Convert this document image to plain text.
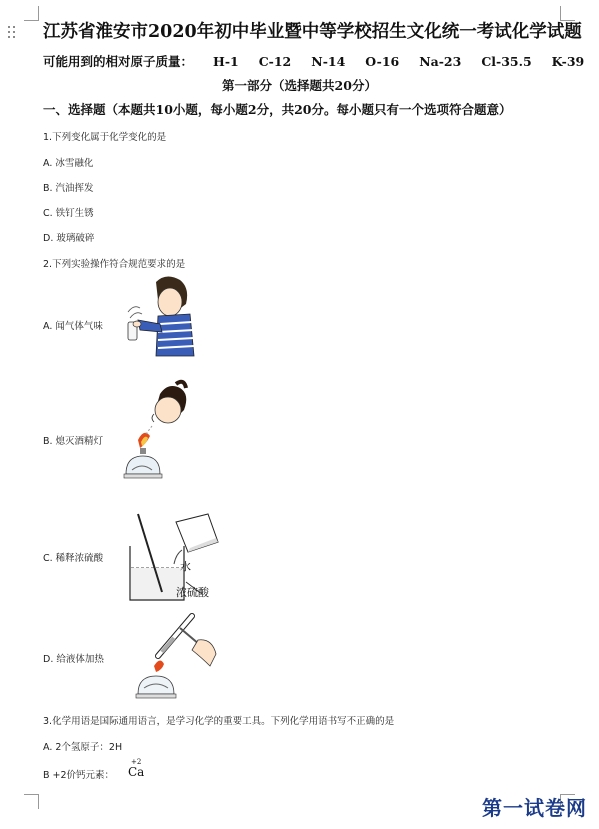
江苏省淮安市2020年初中毕业暨中等学校招生文化统一考试化学试题
可能用到的相对原子质量： H-1 C-12 N-14 O-16 Na-23 Cl-35.5 K-39
第一部分（选择题共20分）
一、选择题（本题共10小题，每小题2分，共20分。每小题只有一个选项符合题意）
1.下列变化属于化学变化的是
A. 冰雪融化
B. 汽油挥发
C. 铁钉生锈
D. 玻璃破碎
2.下列实验操作符合规范要求的是
A. 闻气体气味
B. 熄灭酒精灯
C. 稀释浓硫酸
水
浓硫酸
D. 给液体加热
3.化学用语是国际通用语言，是学习化学的重要工具。下列化学用语书写不正确的是
A. 2个氢原子：2H
B +2价钙元素：
+2
Ca
第一试卷网
